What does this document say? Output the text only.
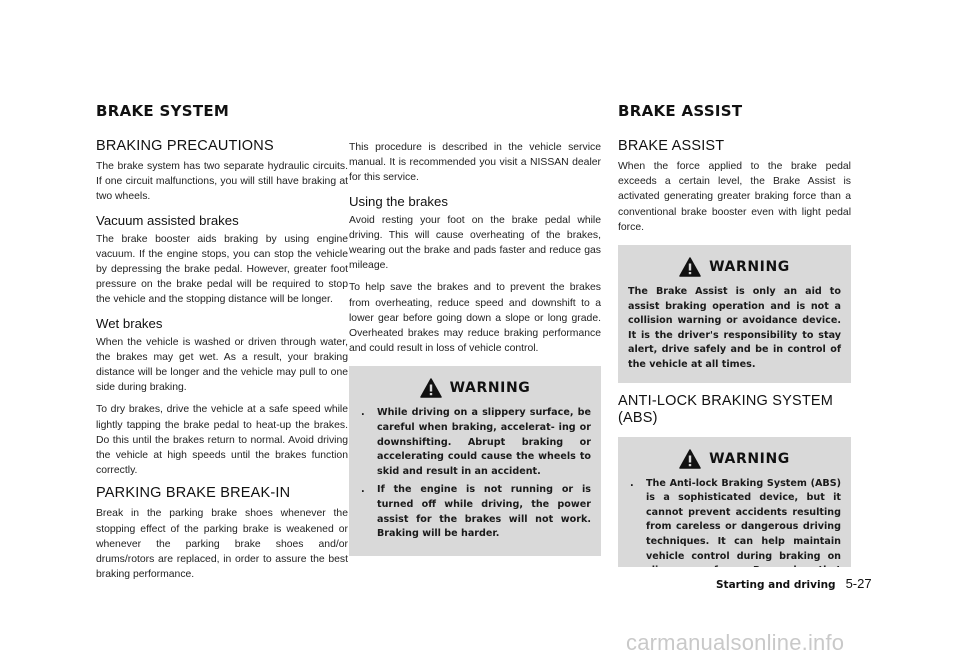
BRAKE SYSTEM	BRAKE ASSIST
BRAKING PRECAUTIONS

The brake system has two separate hydraulic circuits. If one circuit malfunctions, you will still have braking at two wheels.

Vacuum assisted brakes

The brake booster aids braking by using engine vacuum. If the engine stops, you can stop the vehicle by depressing the brake pedal. However, greater foot pressure on the brake pedal will be required to stop the vehicle and the stopping distance will be longer.

Wet brakes

When the vehicle is washed or driven through water, the brakes may get wet. As a result, your braking distance will be longer and the vehicle may pull to one side during braking.

To dry brakes, drive the vehicle at a safe speed while lightly tapping the brake pedal to heat-up the brakes. Do this until the brakes return to normal. Avoid driving the vehicle at high speeds until the brakes function correctly.

PARKING BRAKE BREAK-IN

Break in the parking brake shoes whenever the stopping effect of the parking brake is weakened or whenever the parking brake shoes and/or drums/rotors are replaced, in order to assure the best braking performance.

This procedure is described in the vehicle service manual. It is recommended you visit a NISSAN dealer for this service.

Using the brakes

Avoid resting your foot on the brake pedal while driving. This will cause overheating of the brakes, wearing out the brake and pads faster and reduce gas mileage.

To help save the brakes and to prevent the brakes from overheating, reduce speed and downshift to a lower gear before going down a slope or long grade. Overheated brakes may reduce braking performance and could result in loss of vehicle control.

WARNING
. While driving on a slippery surface, be careful when braking, accelerat- ing or downshifting. Abrupt braking or accelerating could cause the wheels to skid and result in an accident.
. If the engine is not running or is turned off while driving, the power assist for the brakes will not work. Braking will be harder.
BRAKE ASSIST

When the force applied to the brake pedal exceeds a certain level, the Brake Assist is activated generating greater braking force than a conventional brake booster even with light pedal force.

WARNING
The Brake Assist is only an aid to assist braking operation and is not a collision warning or avoidance device. It is the driver's responsibility to stay alert, drive safely and be in control of the vehicle at all times.
ANTI-LOCK BRAKING SYSTEM (ABS)
WARNING
. The Anti-lock Braking System (ABS) is a sophisticated device, but it cannot prevent accidents resulting from careless or dangerous driving techniques. It can help maintain vehicle control during braking on
Starting and driving 5-27
carmanualsonline.info
